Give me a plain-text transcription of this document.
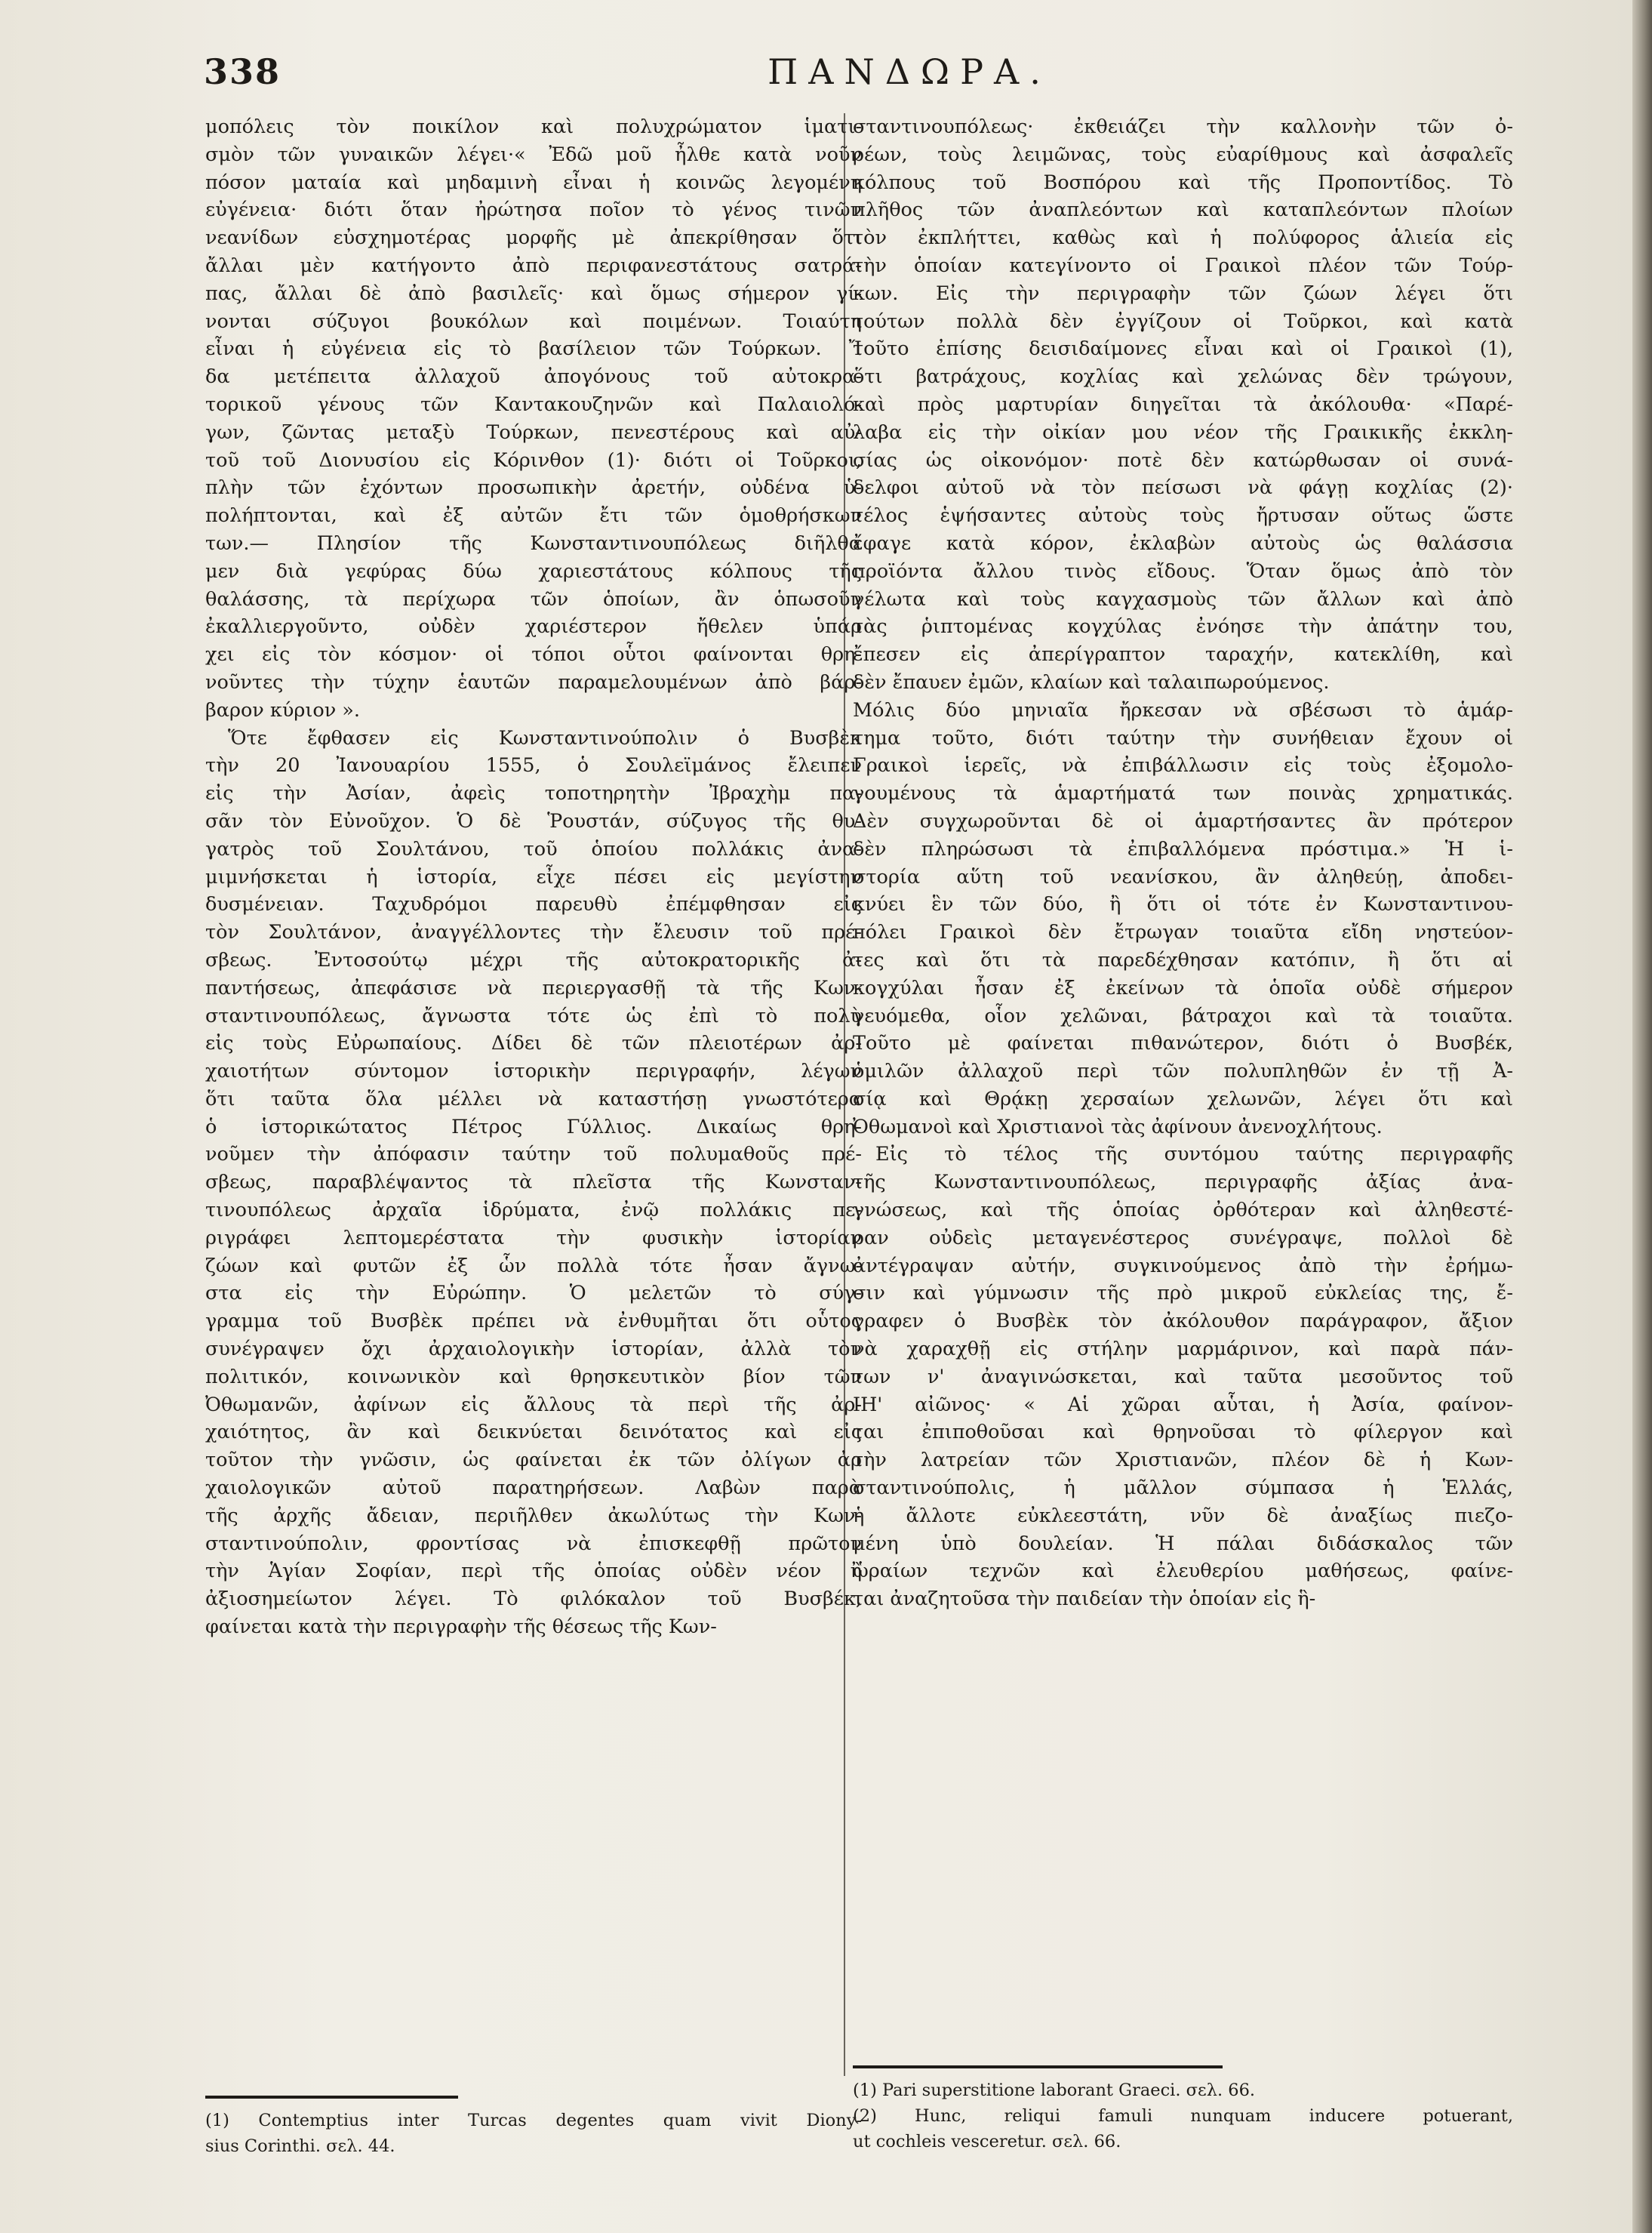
338	ΠΑΝΔΩΡΑ.
μοπόλεις τὸν ποικίλον καὶ πολυχρώματον ἱματι-
σμὸν τῶν γυναικῶν λέγει·« Ἐδῶ μοῦ ἦλθε κατὰ νοῦν
πόσον ματαία καὶ μηδαμινὴ εἶναι ἡ κοινῶς λεγομένη
εὐγένεια· διότι ὅταν ἠρώτησα ποῖον τὸ γένος τινῶν
νεανίδων εὐσχημοτέρας μορφῆς μὲ ἀπεκρίθησαν ὅτι
ἄλλαι μὲν κατήγοντο ἀπὸ περιφανεστάτους σατρά-
πας, ἄλλαι δὲ ἀπὸ βασιλεῖς· καὶ ὅμως σήμερον γί-
νονται σύζυγοι βουκόλων καὶ ποιμένων. Τοιαύτη
εἶναι ἡ εὐγένεια εἰς τὸ βασίλειον τῶν Τούρκων. Ἴ
δα μετέπειτα ἀλλαχοῦ ἀπογόνους τοῦ αὐτοκρα-
τορικοῦ γένους τῶν Καντακουζηνῶν καὶ Παλαιολό-
γων, ζῶντας μεταξὺ Τούρκων, πενεστέρους καὶ αὐ-
τοῦ τοῦ Διονυσίου εἰς Κόρινθον (1)· διότι οἱ Τοῦρκοι,
πλὴν τῶν ἐχόντων προσωπικὴν ἀρετήν, οὐδένα ὑ-
πολήπτονται, καὶ ἐξ αὐτῶν ἔτι τῶν ὁμοθρήσκων
των.— Πλησίον τῆς Κωνσταντινουπόλεως διῆλθα
μεν διὰ γεφύρας δύω χαριεστάτους κόλπους τῆς
θαλάσσης, τὰ περίχωρα τῶν ὁποίων, ἂν ὁπωσοῦν
ἐκαλλιεργοῦντο, οὐδὲν χαριέστερον ἤθελεν ὑπάρ
χει εἰς τὸν κόσμον· οἱ τόποι οὗτοι φαίνονται θρη-
νοῦντες τὴν τύχην ἑαυτῶν παραμελουμένων ἀπὸ βάρ-
βαρον κύριον ».
Ὅτε ἔφθασεν εἰς Κωνσταντινούπολιν ὁ Βυσβὲκ
τὴν 20 Ἰανουαρίου 1555, ὁ Σουλεϊμάνος ἔλειπεν
εἰς τὴν Ἀσίαν, ἀφεὶς τοποτηρητὴν Ἰβραχὴμ πα-
σᾶν τὸν Εὐνοῦχον. Ὁ δὲ Ῥουστάν, σύζυγος τῆς θυ-
γατρὸς τοῦ Σουλτάνου, τοῦ ὁποίου πολλάκις ἀνα-
μιμνήσκεται ἡ ἱστορία, εἶχε πέσει εἰς μεγίστην
δυσμένειαν. Ταχυδρόμοι παρευθὺ ἐπέμφθησαν εἰς
τὸν Σουλτάνον, ἀναγγέλλοντες τὴν ἔλευσιν τοῦ πρέ-
σβεως. Ἐντοσούτῳ μέχρι τῆς αὐτοκρατορικῆς ἀ-
παντήσεως, ἀπεφάσισε νὰ περιεργασθῇ τὰ τῆς Κων-
σταντινουπόλεως, ἄγνωστα τότε ὡς ἐπὶ τὸ πολὺ
εἰς τοὺς Εὐρωπαίους. Δίδει δὲ τῶν πλειοτέρων ἀρ-
χαιοτήτων σύντομον ἱστορικὴν περιγραφήν, λέγων
ὅτι ταῦτα ὅλα μέλλει νὰ καταστήσῃ γνωστότερα
ὁ ἱστορικώτατος Πέτρος Γύλλιος. Δικαίως θρη-
νοῦμεν τὴν ἀπόφασιν ταύτην τοῦ πολυμαθοῦς πρέ-
σβεως, παραβλέψαντος τὰ πλεῖστα τῆς Κωνσταν-
τινουπόλεως ἀρχαῖα ἱδρύματα, ἐνῷ πολλάκις πε-
ριγράφει λεπτομερέστατα τὴν φυσικὴν ἱστορίαν
ζώων καὶ φυτῶν ἐξ ὧν πολλὰ τότε ἦσαν ἄγνω-
στα εἰς τὴν Εὐρώπην. Ὁ μελετῶν τὸ σύγ-
γραμμα τοῦ Βυσβὲκ πρέπει νὰ ἐνθυμῆται ὅτι οὗτος
συνέγραψεν ὄχι ἀρχαιολογικὴν ἱστορίαν, ἀλλὰ τὸν
πολιτικόν, κοινωνικὸν καὶ θρησκευτικὸν βίον τῶν
Ὀθωμανῶν, ἀφίνων εἰς ἄλλους τὰ περὶ τῆς ἀρ-
χαιότητος, ἂν καὶ δεικνύεται δεινότατος καὶ εἰς
τοῦτον τὴν γνῶσιν, ὡς φαίνεται ἐκ τῶν ὀλίγων ἀρ
χαιολογικῶν αὐτοῦ παρατηρήσεων. Λαβὼν παρὰ
τῆς ἀρχῆς ἄδειαν, περιῆλθεν ἀκωλύτως τὴν Κων-
σταντινούπολιν, φροντίσας νὰ ἐπισκεφθῇ πρῶτον
τὴν Ἁγίαν Σοφίαν, περὶ τῆς ὁποίας οὐδὲν νέον ἢ
ἀξιοσημείωτον λέγει. Τὸ φιλόκαλον τοῦ Βυσβέκ,
φαίνεται κατὰ τὴν περιγραφὴν τῆς θέσεως τῆς Κων-
σταντινουπόλεως· ἐκθειάζει τὴν καλλονὴν τῶν ὀ-
ρέων, τοὺς λειμῶνας, τοὺς εὐαρίθμους καὶ ἀσφαλεῖς
κόλπους τοῦ Βοσπόρου καὶ τῆς Προποντίδος. Τὸ
πλῆθος τῶν ἀναπλεόντων καὶ καταπλεόντων πλοίων
τὸν ἐκπλήττει, καθὼς καὶ ἡ πολύφορος ἁλιεία εἰς
τὴν ὁποίαν κατεγίνοντο οἱ Γραικοὶ πλέον τῶν Τούρ-
κων. Εἰς τὴν περιγραφὴν τῶν ζώων λέγει ὅτι
τούτων πολλὰ δὲν ἐγγίζουν οἱ Τοῦρκοι, καὶ κατὰ
τοῦτο ἐπίσης δεισιδαίμονες εἶναι καὶ οἱ Γραικοὶ (1),
ὅτι βατράχους, κοχλίας καὶ χελώνας δὲν τρώγουν,
καὶ πρὸς μαρτυρίαν διηγεῖται τὰ ἀκόλουθα· «Παρέ-
λαβα εἰς τὴν οἰκίαν μου νέον τῆς Γραικικῆς ἐκκλη-
σίας ὡς οἰκονόμον· ποτὲ δὲν κατώρθωσαν οἱ συνά-
δελφοι αὐτοῦ νὰ τὸν πείσωσι νὰ φάγῃ κοχλίας (2)·
τέλος ἑψήσαντες αὐτοὺς τοὺς ἤρτυσαν οὕτως ὥστε
ἔφαγε κατὰ κόρον, ἐκλαβὼν αὐτοὺς ὡς θαλάσσια
προϊόντα ἄλλου τινὸς εἴδους. Ὅταν ὅμως ἀπὸ τὸν
γέλωτα καὶ τοὺς καγχασμοὺς τῶν ἄλλων καὶ ἀπὸ
τὰς ῥιπτομένας κογχύλας ἐνόησε τὴν ἀπάτην του,
ἔπεσεν εἰς ἀπερίγραπτον ταραχήν, κατεκλίθη, καὶ
δὲν ἔπαυεν ἐμῶν, κλαίων καὶ ταλαιπωρούμενος.
Μόλις δύο μηνιαῖα ἤρκεσαν νὰ σβέσωσι τὸ ἁμάρ-
τημα τοῦτο, διότι ταύτην τὴν συνήθειαν ἔχουν οἱ
Γραικοὶ ἱερεῖς, νὰ ἐπιβάλλωσιν εἰς τοὺς ἐξομολο-
γουμένους τὰ ἁμαρτήματά των ποινὰς χρηματικάς.
Δὲν συγχωροῦνται δὲ οἱ ἁμαρτήσαντες ἂν πρότερον
δὲν πληρώσωσι τὰ ἐπιβαλλόμενα πρόστιμα.» Ἡ ἱ-
στορία αὕτη τοῦ νεανίσκου, ἂν ἀληθεύῃ, ἀποδει-
κνύει ἓν τῶν δύο, ἢ ὅτι οἱ τότε ἐν Κωνσταντινου-
πόλει Γραικοὶ δὲν ἔτρωγαν τοιαῦτα εἴδη νηστεύον-
τες καὶ ὅτι τὰ παρεδέχθησαν κατόπιν, ἢ ὅτι αἱ
κογχύλαι ἦσαν ἐξ ἐκείνων τὰ ὁποῖα οὐδὲ σήμερον
γευόμεθα, οἷον χελῶναι, βάτραχοι καὶ τὰ τοιαῦτα.
Τοῦτο μὲ φαίνεται πιθανώτερον, διότι ὁ Βυσβέκ,
ὁμιλῶν ἀλλαχοῦ περὶ τῶν πολυπληθῶν ἐν τῇ Ἀ-
σίᾳ καὶ Θρᾴκῃ χερσαίων χελωνῶν, λέγει ὅτι καὶ
Ὀθωμανοὶ καὶ Χριστιανοὶ τὰς ἀφίνουν ἀνενοχλήτους.
Εἰς τὸ τέλος τῆς συντόμου ταύτης περιγραφῆς
τῆς Κωνσταντινουπόλεως, περιγραφῆς ἀξίας ἀνα-
γνώσεως, καὶ τῆς ὁποίας ὀρθότεραν καὶ ἀληθεστέ-
ραν οὐδεὶς μεταγενέστερος συνέγραψε, πολλοὶ δὲ
ἀντέγραψαν αὐτήν, συγκινούμενος ἀπὸ τὴν ἐρήμω-
σιν καὶ γύμνωσιν τῆς πρὸ μικροῦ εὐκλείας της, ἔ-
γραφεν ὁ Βυσβὲκ τὸν ἀκόλουθον παράγραφον, ἄξιον
νὰ χαραχθῇ εἰς στήλην μαρμάρινον, καὶ παρὰ πάν-
των ν' ἀναγινώσκεται, καὶ ταῦτα μεσοῦντος τοῦ
ΙΗ' αἰῶνος· « Αἱ χῶραι αὗται, ἡ Ἀσία, φαίνον-
ται ἐπιποθοῦσαι καὶ θρηνοῦσαι τὸ φίλεργον καὶ
τὴν λατρείαν τῶν Χριστιανῶν, πλέον δὲ ἡ Κων-
σταντινούπολις, ἡ μᾶλλον σύμπασα ἡ Ἑλλάς,
ἡ ἄλλοτε εὐκλεεστάτη, νῦν δὲ ἀναξίως πιεζο-
μένη ὑπὸ δουλείαν. Ἡ πάλαι διδάσκαλος τῶν
ὡραίων τεχνῶν καὶ ἐλευθερίου μαθήσεως, φαίνε-
ται ἀναζητοῦσα τὴν παιδείαν τὴν ὁποίαν εἰς ἣ-
(1) Contemptius inter Turcas degentes quam vivit Diony-
sius Corinthi. σελ. 44.
(1) Pari superstitione laborant Graeci. σελ. 66.
(2) Hunc, reliqui famuli nunquam inducere potuerant,
ut cochleis vesceretur. σελ. 66.
